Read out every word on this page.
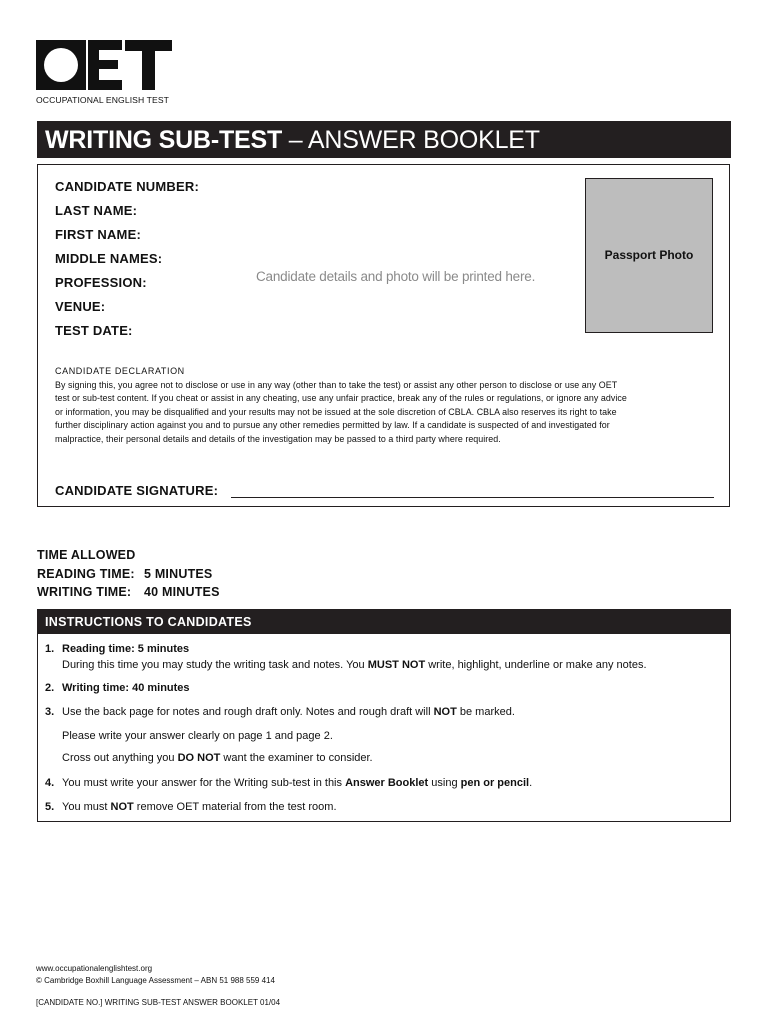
OCCUPATIONAL ENGLISH TEST
WRITING SUB-TEST – ANSWER BOOKLET
CANDIDATE NUMBER:
LAST NAME:
FIRST NAME:
MIDDLE NAMES:
PROFESSION:
VENUE:
TEST DATE:
Candidate details and photo will be printed here.
Passport Photo
CANDIDATE DECLARATION
By signing this, you agree not to disclose or use in any way (other than to take the test) or assist any other person to disclose or use any OET
test or sub-test content. If you cheat or assist in any cheating, use any unfair practice, break any of the rules or regulations, or ignore any advice
or information, you may be disqualified and your results may not be issued at the sole discretion of CBLA. CBLA also reserves its right to take
further disciplinary action against you and to pursue any other remedies permitted by law. If a candidate is suspected of and investigated for
malpractice, their personal details and details of the investigation may be passed to a third party where required.
CANDIDATE SIGNATURE:
TIME ALLOWED
READING TIME: 5 MINUTES
WRITING TIME: 40 MINUTES
INSTRUCTIONS TO CANDIDATES
1. Reading time: 5 minutes
During this time you may study the writing task and notes. You MUST NOT write, highlight, underline or make any notes.
2. Writing time: 40 minutes
3. Use the back page for notes and rough draft only. Notes and rough draft will NOT be marked.
Please write your answer clearly on page 1 and page 2.
Cross out anything you DO NOT want the examiner to consider.
4. You must write your answer for the Writing sub-test in this Answer Booklet using pen or pencil.
5. You must NOT remove OET material from the test room.
www.occupationalenglishtest.org
© Cambridge Boxhill Language Assessment – ABN 51 988 559 414
[CANDIDATE NO.] WRITING SUB-TEST ANSWER BOOKLET 01/04
